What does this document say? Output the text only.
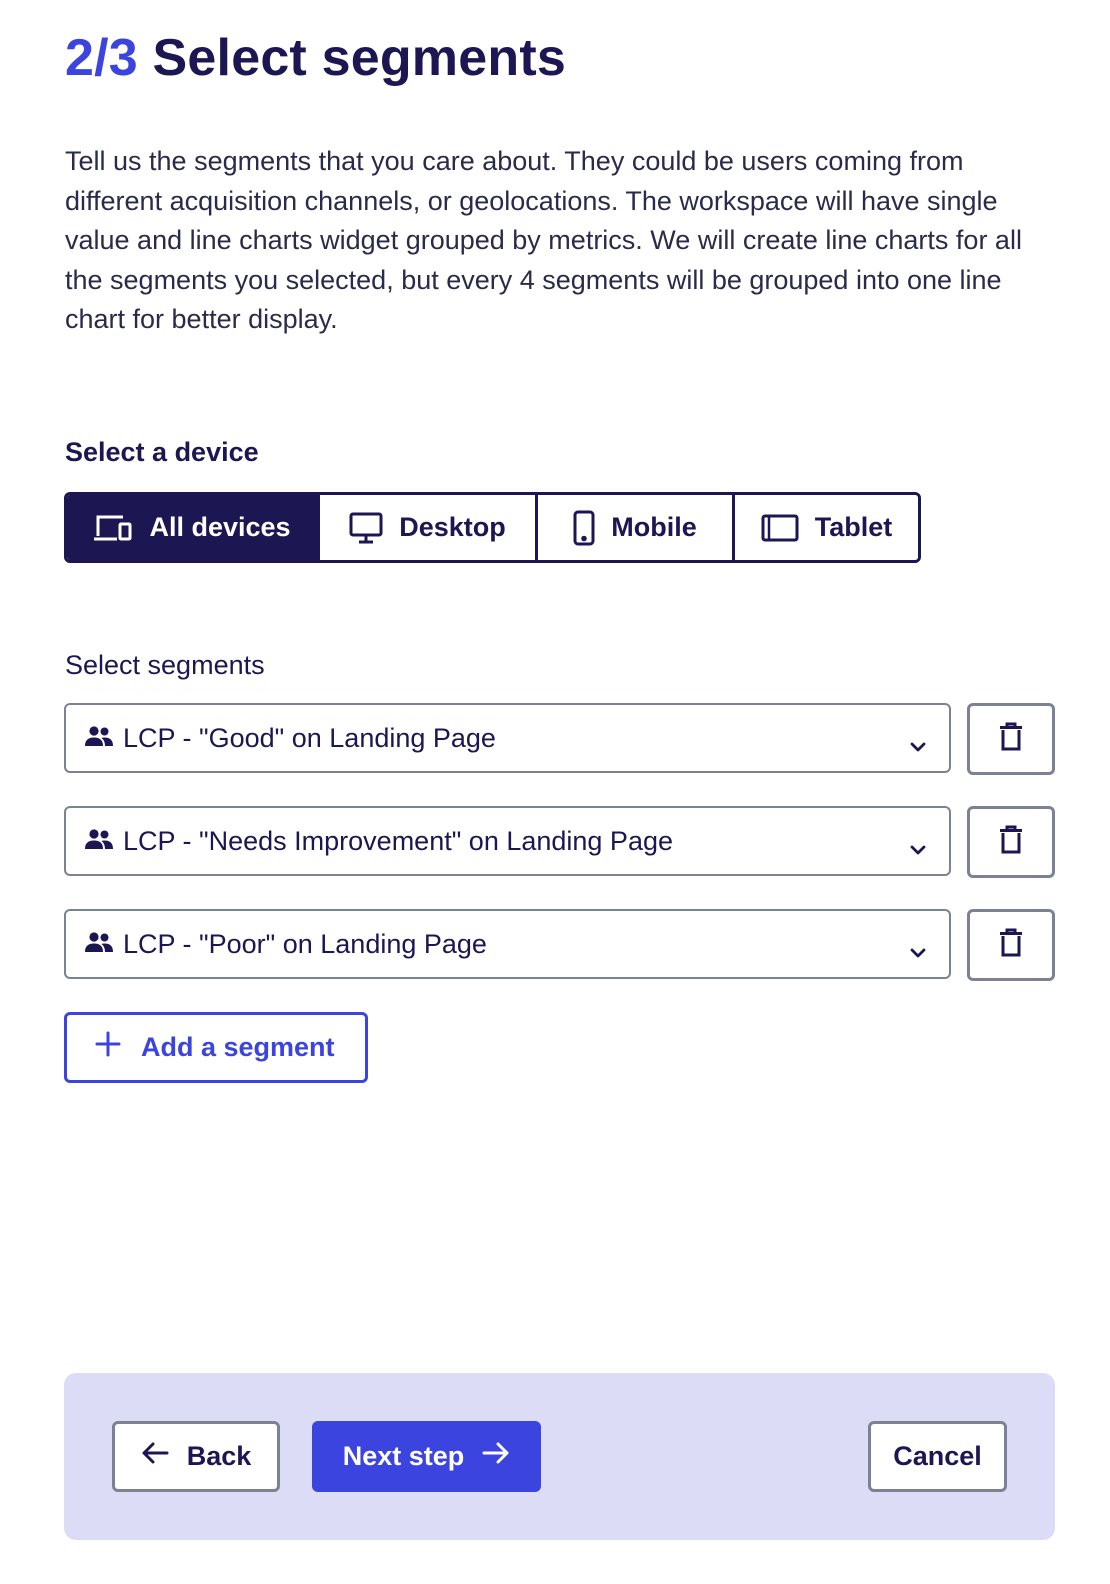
2/3 Select segments

Tell us the segments that you care about. They could be users coming from different acquisition channels, or geolocations. The workspace will have single value and line charts widget grouped by metrics. We will create line charts for all the segments you selected, but every 4 segments will be grouped into one line chart for better display.

Select a device
All devices	Desktop	Mobile	Tablet
Select segments
LCP - "Good" on Landing Page
LCP - "Needs Improvement" on Landing Page
LCP - "Poor" on Landing Page
Add a segment
Back	Next step	Cancel
